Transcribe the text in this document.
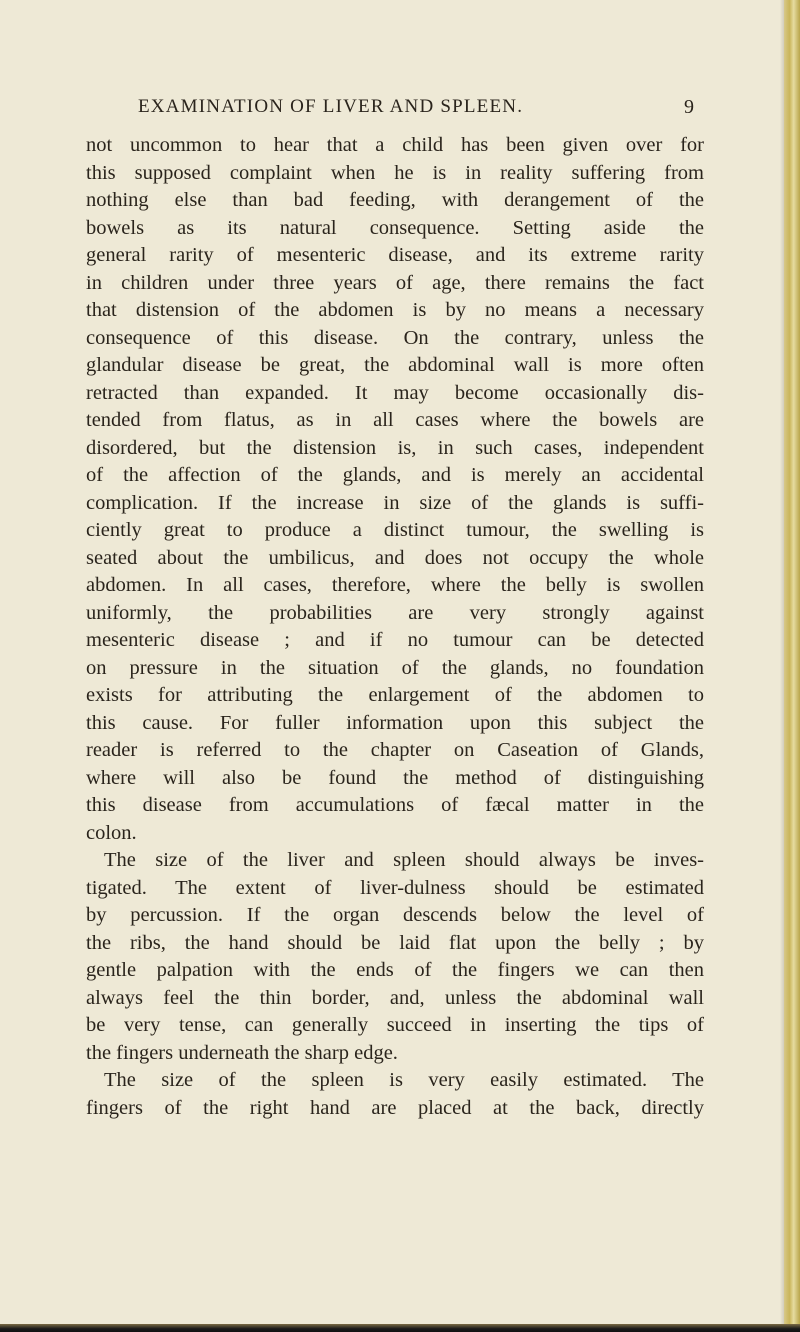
EXAMINATION OF LIVER AND SPLEEN.	9
not uncommon to hear that a child has been given over for
this supposed complaint when he is in reality suffering from
nothing else than bad feeding, with derangement of the
bowels as its natural consequence. Setting aside the
general rarity of mesenteric disease, and its extreme rarity
in children under three years of age, there remains the fact
that distension of the abdomen is by no means a necessary
consequence of this disease. On the contrary, unless the
glandular disease be great, the abdominal wall is more often
retracted than expanded. It may become occasionally dis-
tended from flatus, as in all cases where the bowels are
disordered, but the distension is, in such cases, independent
of the affection of the glands, and is merely an accidental
complication. If the increase in size of the glands is suffi-
ciently great to produce a distinct tumour, the swelling is
seated about the umbilicus, and does not occupy the whole
abdomen. In all cases, therefore, where the belly is swollen
uniformly, the probabilities are very strongly against
mesenteric disease ; and if no tumour can be detected
on pressure in the situation of the glands, no foundation
exists for attributing the enlargement of the abdomen to
this cause. For fuller information upon this subject the
reader is referred to the chapter on Caseation of Glands,
where will also be found the method of distinguishing
this disease from accumulations of fæcal matter in the
colon.
The size of the liver and spleen should always be inves-
tigated. The extent of liver-dulness should be estimated
by percussion. If the organ descends below the level of
the ribs, the hand should be laid flat upon the belly ; by
gentle palpation with the ends of the fingers we can then
always feel the thin border, and, unless the abdominal wall
be very tense, can generally succeed in inserting the tips of
the fingers underneath the sharp edge.
The size of the spleen is very easily estimated. The
fingers of the right hand are placed at the back, directly
